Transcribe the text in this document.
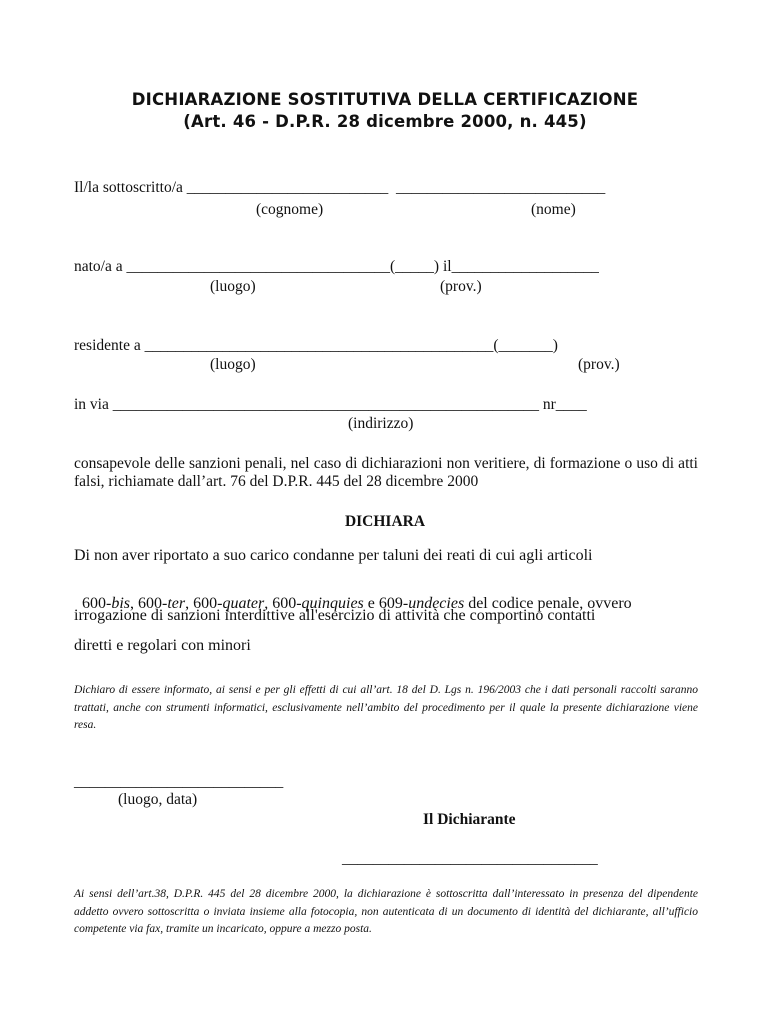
DICHIARAZIONE SOSTITUTIVA DELLA CERTIFICAZIONE
(Art. 46 - D.P.R. 28 dicembre 2000, n. 445)
Il/la sottoscritto/a __________________________  ___________________________
(cognome)	(nome)
nato/a a __________________________________(_____) il___________________
(luogo)	(prov.)
residente a _____________________________________________(_______)
(luogo)	(prov.)
in via _______________________________________________________ nr____
(indirizzo)
consapevole delle sanzioni penali, nel caso di dichiarazioni non veritiere, di formazione o uso di atti falsi, richiamate dall’art. 76 del D.P.R. 445 del 28 dicembre 2000
DICHIARA
Di non aver riportato a suo carico condanne per taluni dei reati di cui agli articoli

600-bis, 600-ter, 600-quater, 600-quinquies e 609-undecies del codice penale, ovvero

irrogazione di sanzioni interdittive all'esercizio di attività che comportino contatti
diretti e regolari con minori
Dichiaro di essere informato, ai sensi e per gli effetti di cui all’art. 18 del D. Lgs n. 196/2003 che i dati personali raccolti saranno trattati, anche con strumenti informatici, esclusivamente nell’ambito del procedimento per il quale la presente dichiarazione viene resa.
___________________________
(luogo, data)
Il Dichiarante
_________________________________
Ai sensi dell’art.38, D.P.R. 445 del 28 dicembre 2000, la dichiarazione è sottoscritta dall’interessato in presenza del dipendente addetto ovvero sottoscritta o inviata insieme alla fotocopia, non autenticata di un documento di identità del dichiarante, all’ufficio competente via fax, tramite un incaricato, oppure a mezzo posta.
